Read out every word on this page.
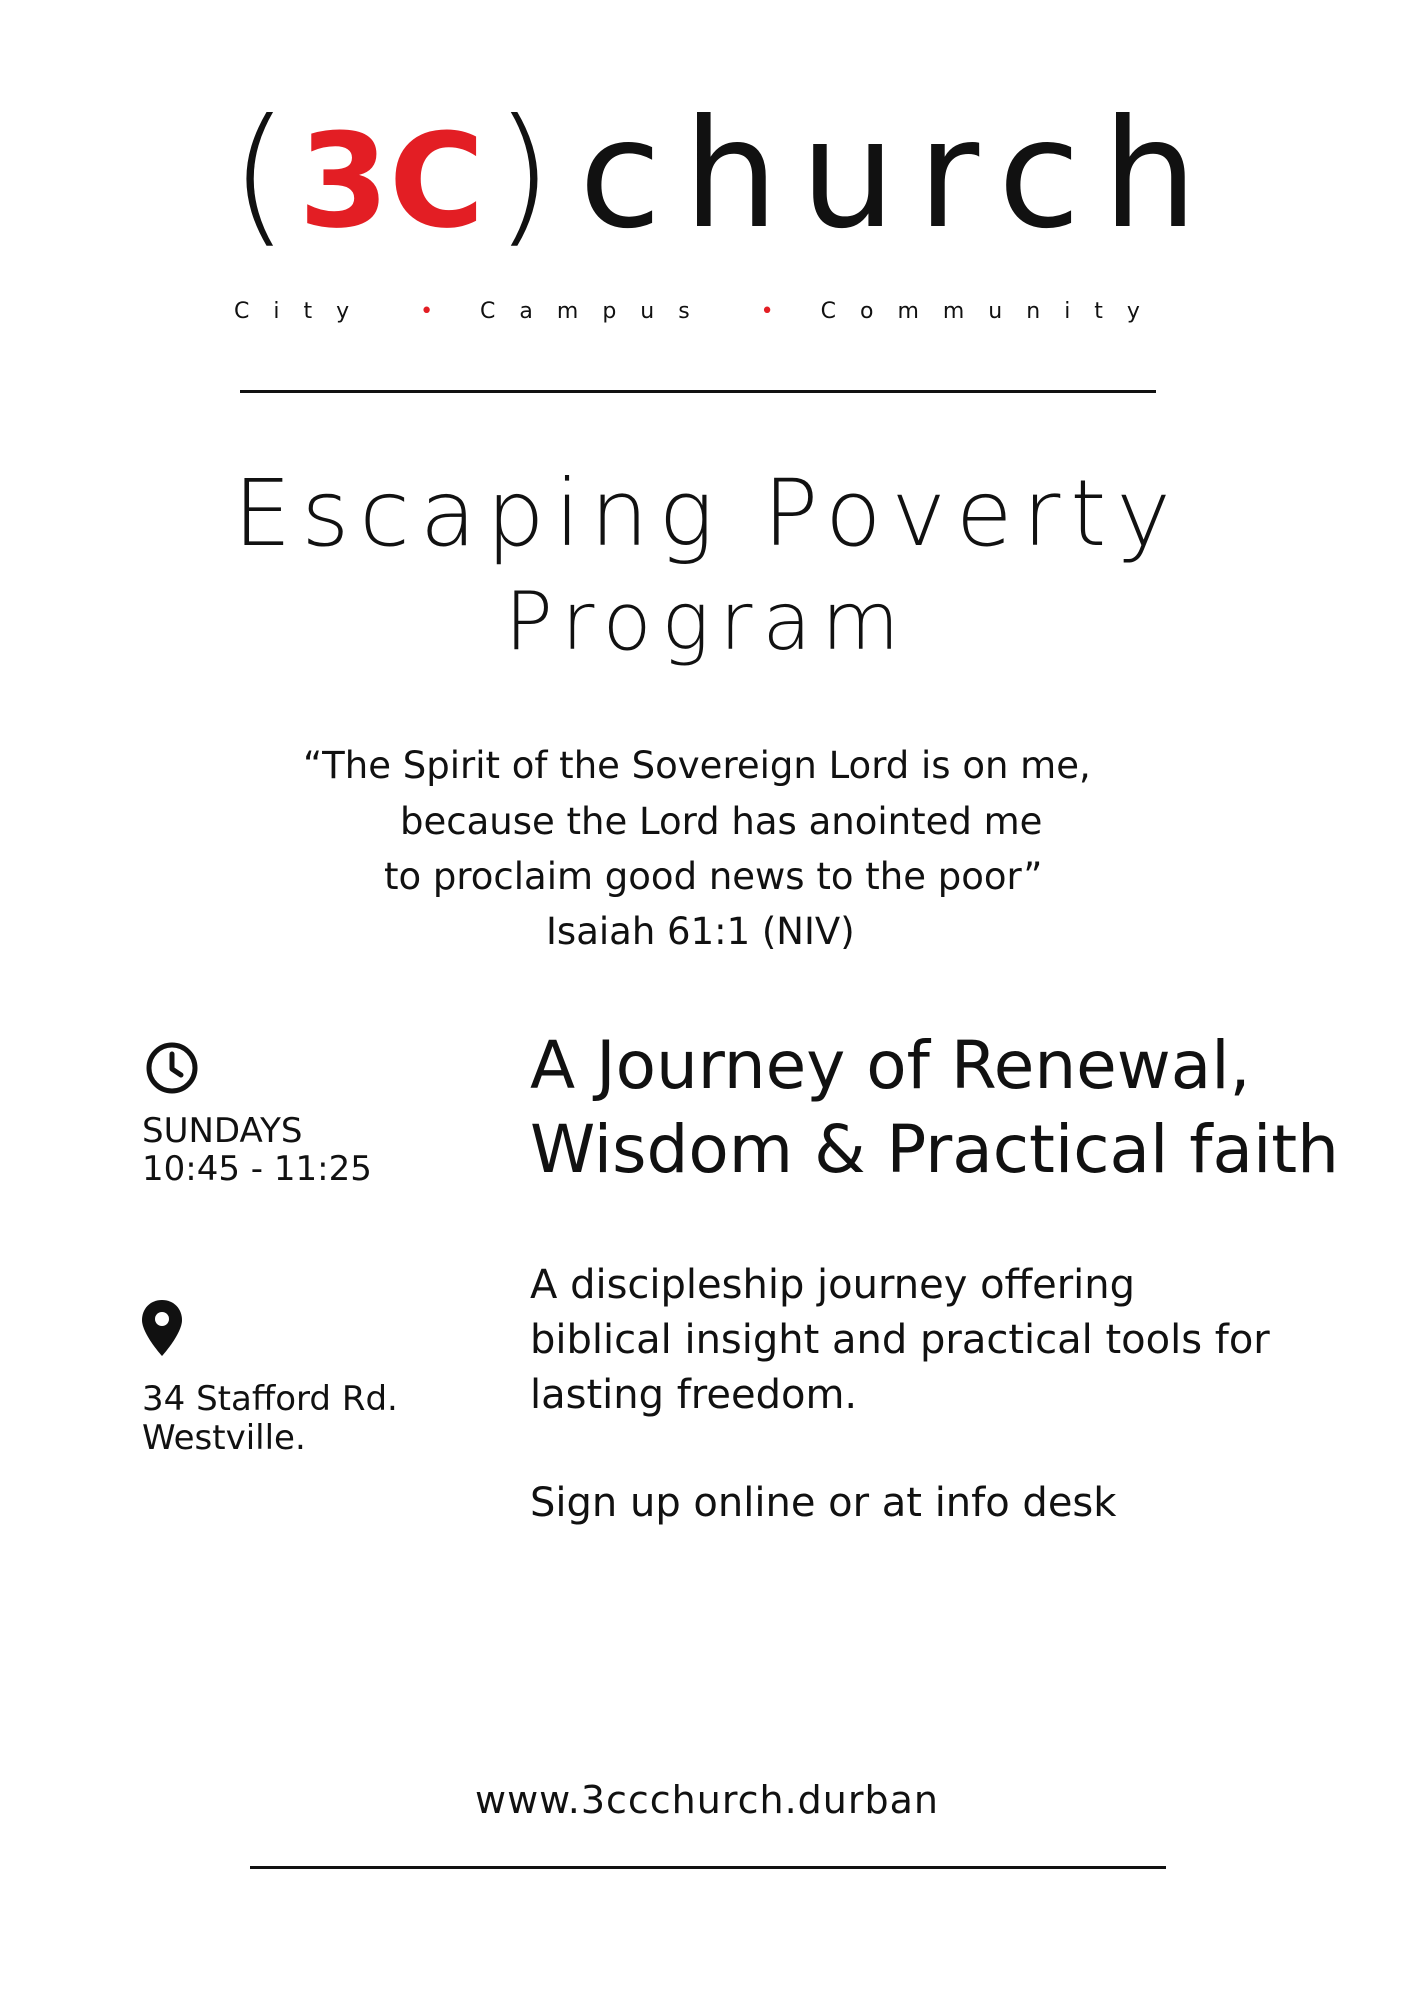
( 3C ) church
City • Campus • Community
Escaping Poverty
Program
“The Spirit of the Sovereign Lord is on me,
because the Lord has anointed me
to proclaim good news to the poor”
Isaiah 61:1 (NIV)
SUNDAYS
10:45 - 11:25
34 Stafford Rd.
Westville.
A Journey of Renewal,
Wisdom & Practical faith
A discipleship journey offering
biblical insight and practical tools for
lasting freedom.
Sign up online or at info desk
www.3ccchurch.durban
